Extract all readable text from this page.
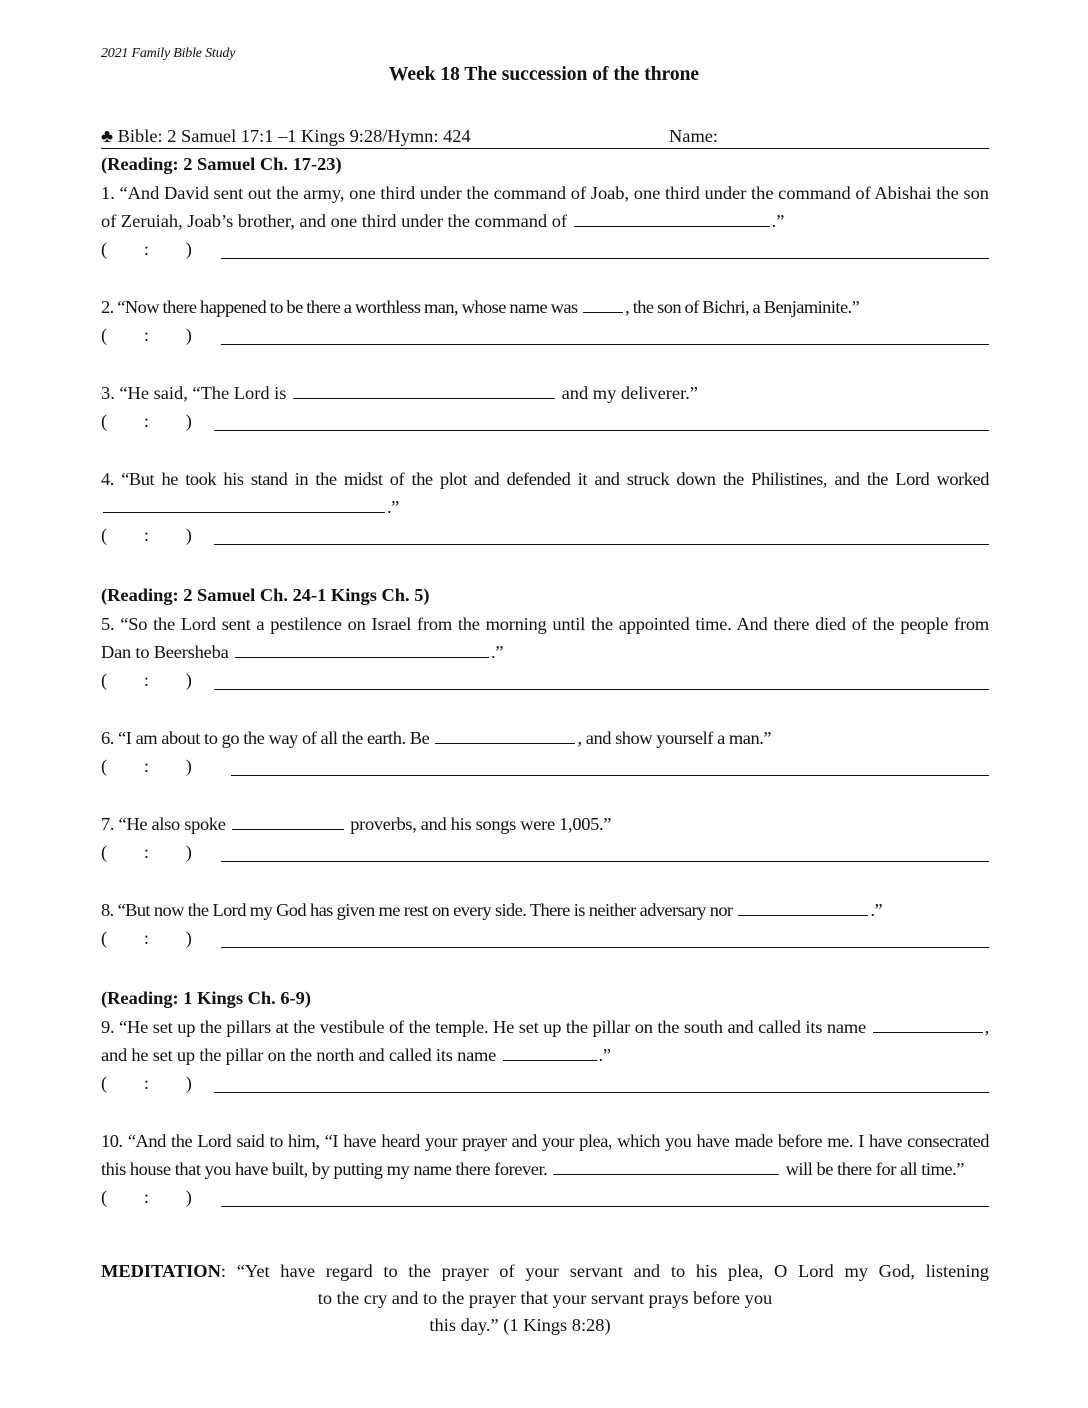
2021 Family Bible Study
Week 18 The succession of the throne
♣ Bible: 2 Samuel 17:1 –1 Kings 9:28/Hymn: 424	Name:
(Reading: 2 Samuel Ch. 17-23)
1. “And David sent out the army, one third under the command of Joab, one third under the command of Abishai the son of Zeruiah, Joab’s brother, and one third under the command of	.”
(        :        )
2. “Now there happened to be there a worthless man, whose name was	, the son of Bichri, a Benjaminite.”
(        :        )
3. “He said, “The Lord is	and my deliverer.”
(        :        )
4. “But he took his stand in the midst of the plot and defended it and struck down the Philistines, and the Lord worked .”
(        :        )
(Reading: 2 Samuel Ch. 24-1 Kings Ch. 5)
5. “So the Lord sent a pestilence on Israel from the morning until the appointed time. And there died of the people from Dan to Beersheba	.”
(        :        )
6. “I am about to go the way of all the earth. Be	, and show yourself a man.”
(        :        )
7. “He also spoke	proverbs, and his songs were 1,005.”
(        :        )
8. “But now the Lord my God has given me rest on every side. There is neither adversary nor	.”
(        :        )
(Reading: 1 Kings Ch. 6-9)
9. “He set up the pillars at the vestibule of the temple. He set up the pillar on the south and called its name	, and he set up the pillar on the north and called its name	.”
(        :        )
10. “And the Lord said to him, “I have heard your prayer and your plea, which you have made before me. I have consecrated this house that you have built, by putting my name there forever.	will be there for all time.”
(        :        )
MEDITATION: “Yet have regard to the prayer of your servant and to his plea, O Lord my God, listening
to the cry and to the prayer that your servant prays before you
this day.” (1 Kings 8:28)
